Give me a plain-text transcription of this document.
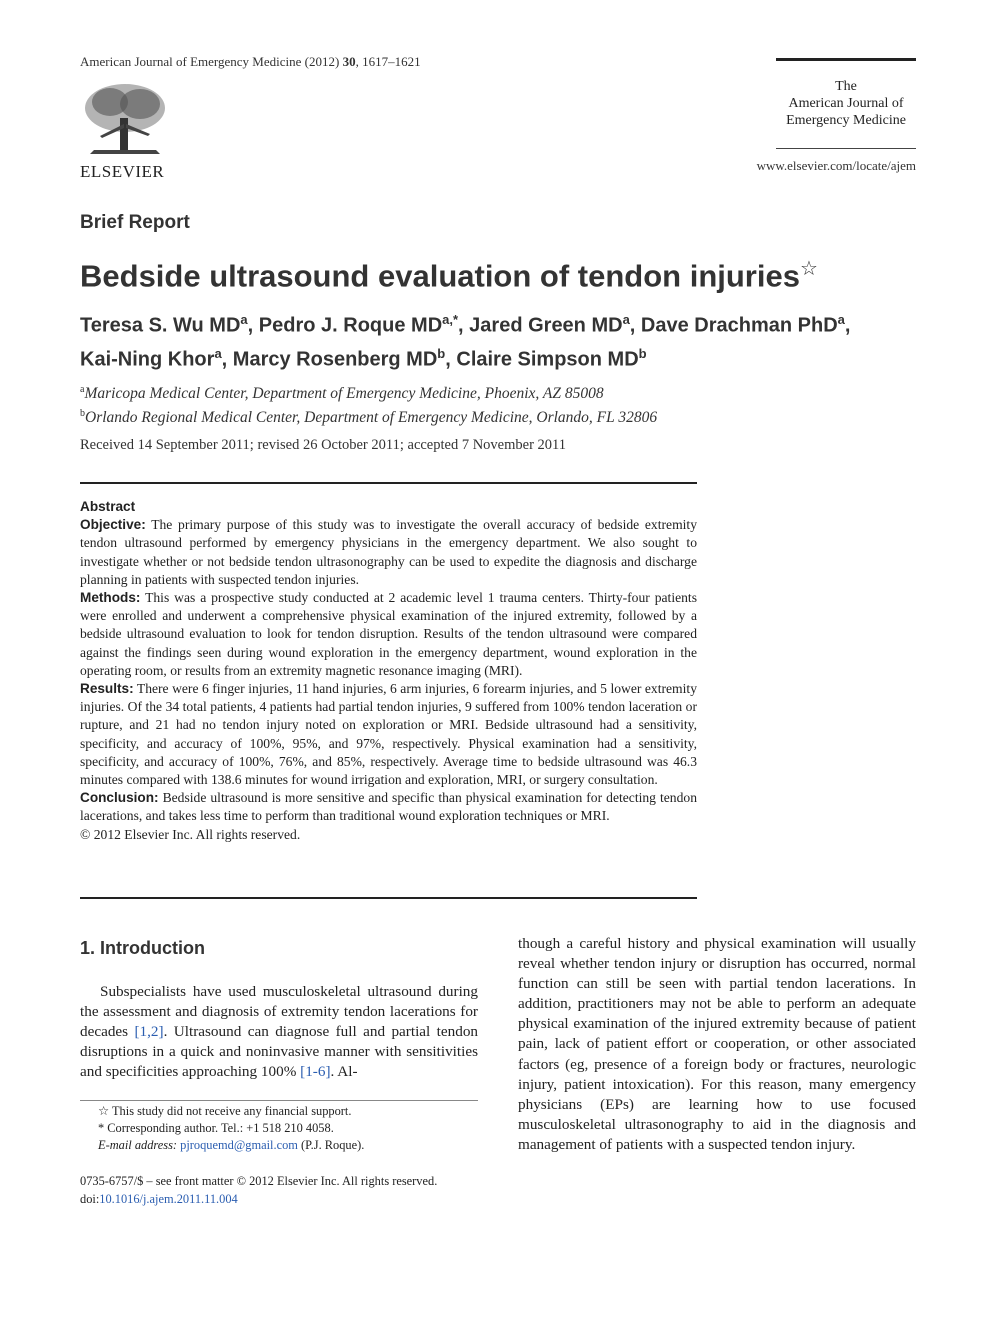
American Journal of Emergency Medicine (2012) 30, 1617–1621
ELSEVIER
The
American Journal of
Emergency Medicine
www.elsevier.com/locate/ajem
Brief Report
Bedside ultrasound evaluation of tendon injuries☆
Teresa S. Wu $MD^a$, Pedro J. Roque $MD^{a,*}$, Jared Green $MD^a$, Dave Drachman PhD$^a$,
Kai-Ning Khor$^a$, Marcy Rosenberg $MD^b$, Claire Simpson $MD^b$
$^a$Maricopa Medical Center, Department of Emergency Medicine, Phoenix, AZ 85008
$^b$Orlando Regional Medical Center, Department of Emergency Medicine, Orlando, FL 32806
Received 14 September 2011; revised 26 October 2011; accepted 7 November 2011
Abstract

Objective: The primary purpose of this study was to investigate the overall accuracy of bedside extremity tendon ultrasound performed by emergency physicians in the emergency department. We also sought to investigate whether or not bedside tendon ultrasonography can be used to expedite the diagnosis and discharge planning in patients with suspected tendon injuries.

Methods: This was a prospective study conducted at 2 academic level 1 trauma centers. Thirty-four patients were enrolled and underwent a comprehensive physical examination of the injured extremity, followed by a bedside ultrasound evaluation to look for tendon disruption. Results of the tendon ultrasound were compared against the findings seen during wound exploration in the emergency department, wound exploration in the operating room, or results from an extremity magnetic resonance imaging (MRI).

Results: There were 6 finger injuries, 11 hand injuries, 6 arm injuries, 6 forearm injuries, and 5 lower extremity injuries. Of the 34 total patients, 4 patients had partial tendon injuries, 9 suffered from 100% tendon laceration or rupture, and 21 had no tendon injury noted on exploration or MRI. Bedside ultrasound had a sensitivity, specificity, and accuracy of 100%, 95%, and 97%, respectively. Physical examination had a sensitivity, specificity, and accuracy of 100%, 76%, and 85%, respectively. Average time to bedside ultrasound was 46.3 minutes compared with 138.6 minutes for wound irrigation and exploration, MRI, or surgery consultation.

Conclusion: Bedside ultrasound is more sensitive and specific than physical examination for detecting tendon lacerations, and takes less time to perform than traditional wound exploration techniques or MRI.

© 2012 Elsevier Inc. All rights reserved.

1. Introduction
Subspecialists have used musculoskeletal ultrasound during the assessment and diagnosis of extremity tendon lacerations for decades [1,2]. Ultrasound can diagnose full and partial tendon disruptions in a quick and noninvasive manner with sensitivities and specificities approaching 100% [1-6]. Al-
though a careful history and physical examination will usually reveal whether tendon injury or disruption has occurred, normal function can still be seen with partial tendon lacerations. In addition, practitioners may not be able to perform an adequate physical examination of the injured extremity because of patient pain, lack of patient effort or cooperation, or other associated factors (eg, presence of a foreign body or fractures, neurologic injury, patient intoxication). For this reason, many emergency physicians (EPs) are learning how to use focused musculoskeletal ultrasonography to aid in the diagnosis and management of patients with a suspected tendon injury.

☆ This study did not receive any financial support.

* Corresponding author. Tel.: +1 518 210 4058.

E-mail address: pjroquemd@gmail.com (P.J. Roque).

0735-6757/$ – see front matter © 2012 Elsevier Inc. All rights reserved.
doi:10.1016/j.ajem.2011.11.004
